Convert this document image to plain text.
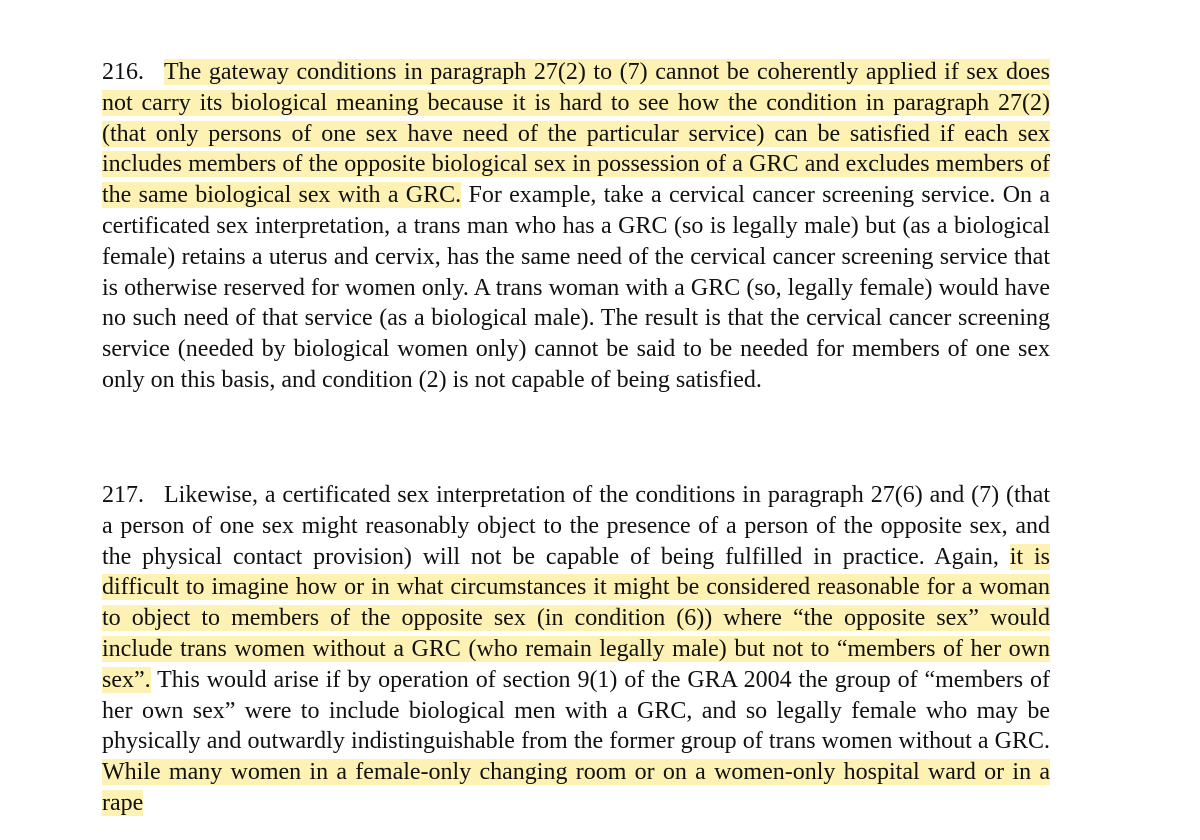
216. The gateway conditions in paragraph 27(2) to (7) cannot be coherently applied if sex does not carry its biological meaning because it is hard to see how the condition in paragraph 27(2) (that only persons of one sex have need of the particular service) can be satisfied if each sex includes members of the opposite biological sex in possession of a GRC and excludes members of the same biological sex with a GRC. For example, take a cervical cancer screening service. On a certificated sex interpretation, a trans man who has a GRC (so is legally male) but (as a biological female) retains a uterus and cervix, has the same need of the cervical cancer screening service that is otherwise reserved for women only. A trans woman with a GRC (so, legally female) would have no such need of that service (as a biological male). The result is that the cervical cancer screening service (needed by biological women only) cannot be said to be needed for members of one sex only on this basis, and condition (2) is not capable of being satisfied.
217. Likewise, a certificated sex interpretation of the conditions in paragraph 27(6) and (7) (that a person of one sex might reasonably object to the presence of a person of the opposite sex, and the physical contact provision) will not be capable of being fulfilled in practice. Again, it is difficult to imagine how or in what circumstances it might be considered reasonable for a woman to object to members of the opposite sex (in condition (6)) where “the opposite sex” would include trans women without a GRC (who remain legally male) but not to “members of her own sex”. This would arise if by operation of section 9(1) of the GRA 2004 the group of “members of her own sex” were to include biological men with a GRC, and so legally female who may be physically and outwardly indistinguishable from the former group of trans women without a GRC. While many women in a female-only changing room or on a women-only hospital ward or in a rape
